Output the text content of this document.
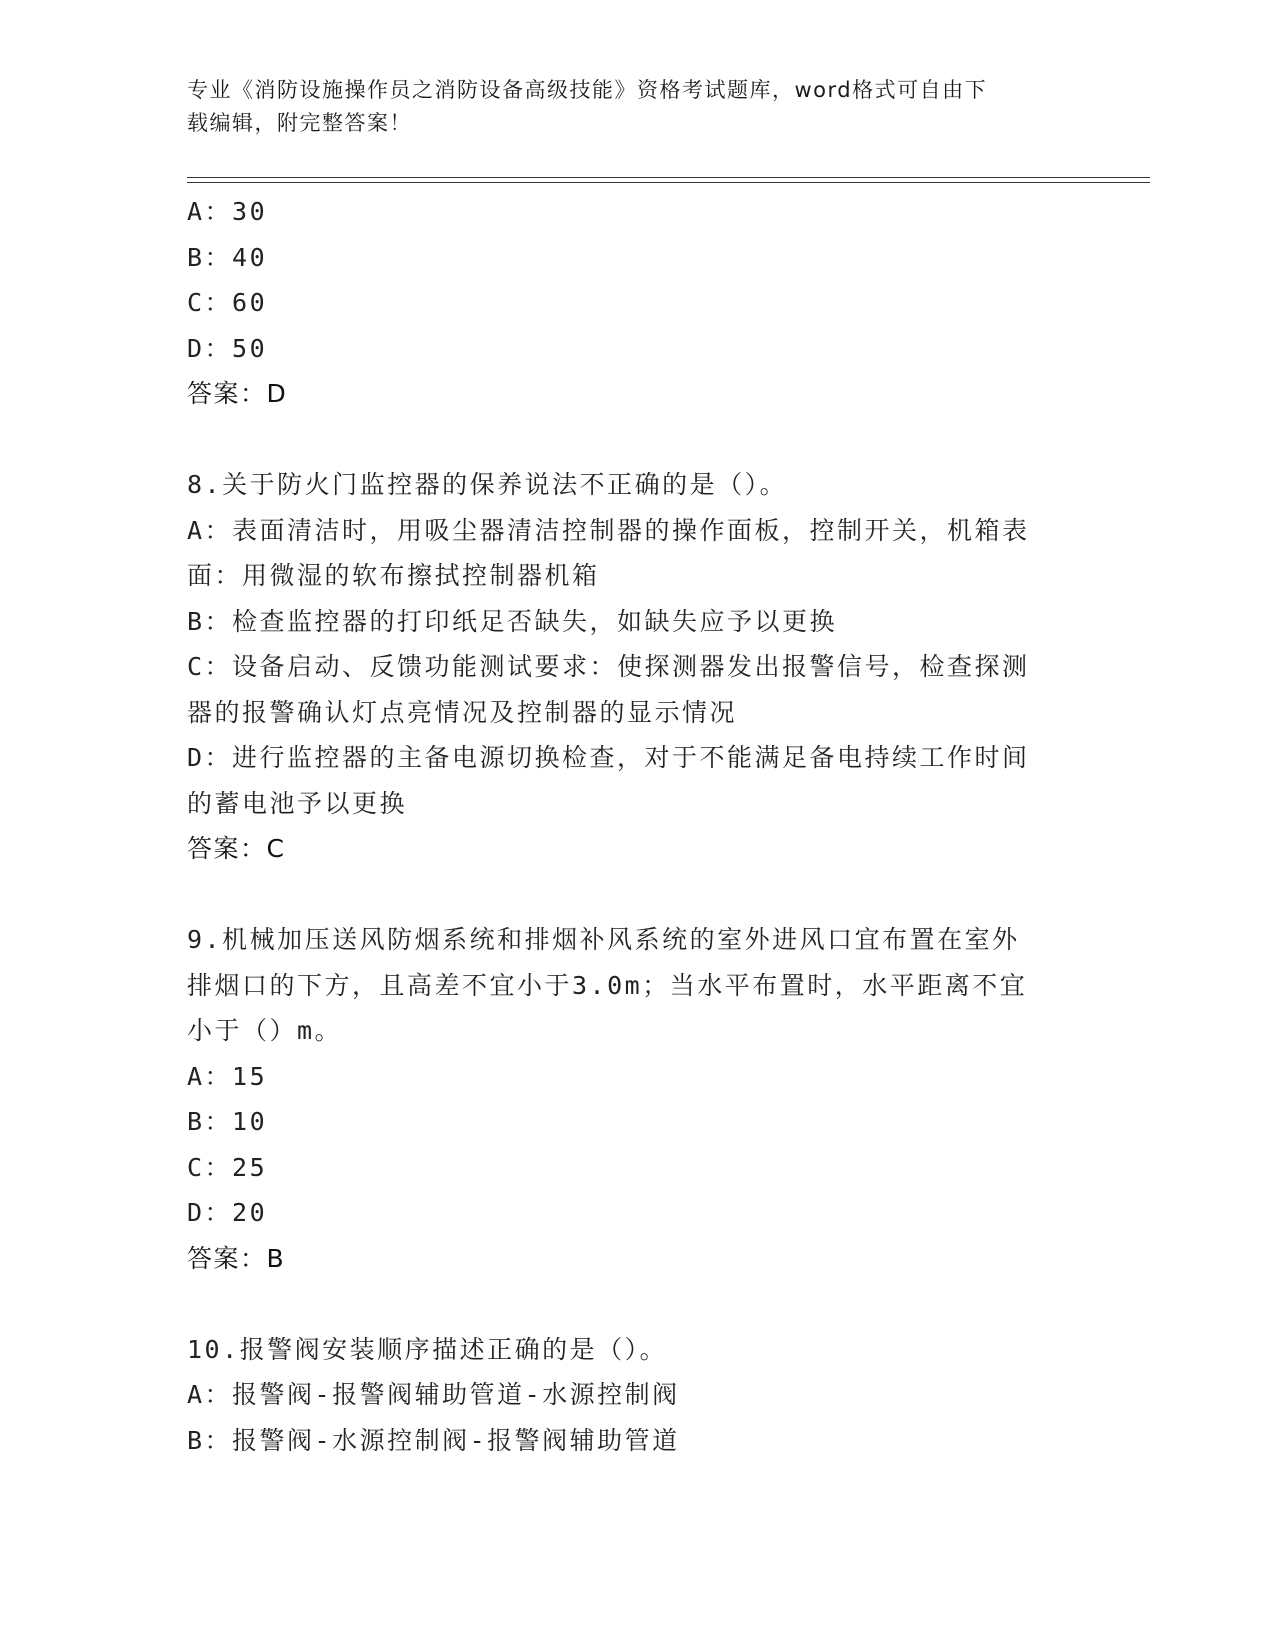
专业《消防设施操作员之消防设备高级技能》资格考试题库，word格式可自由下
载编辑，附完整答案！
A：30
B：40
C：60
D：50
答案：D
8.关于防火门监控器的保养说法不正确的是（）。
A：表面清洁时，用吸尘器清洁控制器的操作面板，控制开关，机箱表
面：用微湿的软布擦拭控制器机箱
B：检查监控器的打印纸足否缺失，如缺失应予以更换
C：设备启动、反馈功能测试要求：使探测器发出报警信号，检查探测
器的报警确认灯点亮情况及控制器的显示情况
D：进行监控器的主备电源切换检查，对于不能满足备电持续工作时间
的蓄电池予以更换
答案：C
9.机械加压送风防烟系统和排烟补风系统的室外进风口宜布置在室外
排烟口的下方，且高差不宜小于3.0m；当水平布置时，水平距离不宜
小于（）m。
A：15
B：10
C：25
D：20
答案：B
10.报警阀安装顺序描述正确的是（）。
A：报警阀-报警阀辅助管道-水源控制阀
B：报警阀-水源控制阀-报警阀辅助管道
